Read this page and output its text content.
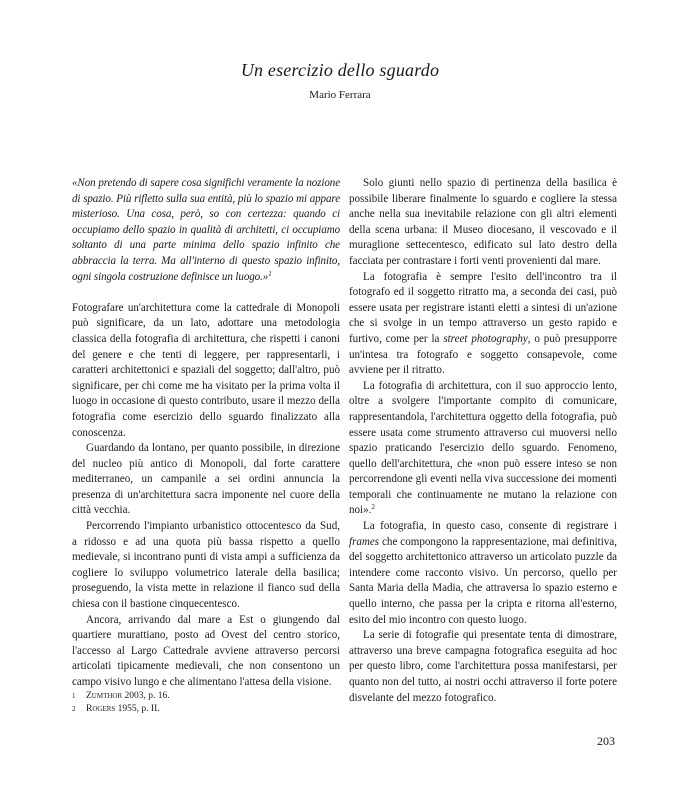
Un esercizio dello sguardo
Mario Ferrara

«Non pretendo di sapere cosa significhi veramente la nozione di spazio. Più rifletto sulla sua entità, più lo spazio mi appare misterioso. Una cosa, però, so con certezza: quando ci occupiamo dello spazio in qualità di architetti, ci occupiamo soltanto di una parte minima dello spazio infinito che abbraccia la terra. Ma all'interno di questo spazio infinito, ogni singola costruzione definisce un luogo.»$^1$

Fotografare un'architettura come la cattedrale di Monopoli può significare, da un lato, adottare una metodologia classica della fotografia di architettura, che rispetti i canoni del genere e che tenti di leggere, per rappresentarli, i caratteri architettonici e spaziali del soggetto; dall'altro, può significare, per chi come me ha visitato per la prima volta il luogo in occasione di questo contributo, usare il mezzo della fotografia come esercizio dello sguardo finalizzato alla conoscenza.

Guardando da lontano, per quanto possibile, in direzione del nucleo più antico di Monopoli, dal forte carattere mediterraneo, un campanile a sei ordini annuncia la presenza di un'architettura sacra imponente nel cuore della città vecchia.

Percorrendo l'impianto urbanistico ottocentesco da Sud, a ridosso e ad una quota più bassa rispetto a quello medievale, si incontrano punti di vista ampi a sufficienza da cogliere lo sviluppo volumetrico laterale della basilica; proseguendo, la vista mette in relazione il fianco sud della chiesa con il bastione cinquecentesco.

Ancora, arrivando dal mare a Est o giungendo dal quartiere murattiano, posto ad Ovest del centro storico, l'accesso al Largo Cattedrale avviene attraverso percorsi articolati tipicamente medievali, che non consentono un campo visivo lungo e che alimentano l'attesa della visione.

Solo giunti nello spazio di pertinenza della basilica è possibile liberare finalmente lo sguardo e cogliere la stessa anche nella sua inevitabile relazione con gli altri elementi della scena urbana: il Museo diocesano, il vescovado e il muraglione settecentesco, edificato sul lato destro della facciata per contrastare i forti venti provenienti dal mare.

La fotografia è sempre l'esito dell'incontro tra il fotografo ed il soggetto ritratto ma, a seconda dei casi, può essere usata per registrare istanti eletti a sintesi di un'azione che si svolge in un tempo attraverso un gesto rapido e furtivo, come per la street photography, o può presupporre un'intesa tra fotografo e soggetto consapevole, come avviene per il ritratto.

La fotografia di architettura, con il suo approccio lento, oltre a svolgere l'importante compito di comunicare, rappresentandola, l'architettura oggetto della fotografia, può essere usata come strumento attraverso cui muoversi nello spazio praticando l'esercizio dello sguardo. Fenomeno, quello dell'architettura, che «non può essere inteso se non percorrendone gli eventi nella viva successione dei momenti temporali che continuamente ne mutano la relazione con noi».$^2$

La fotografia, in questo caso, consente di registrare i frames che compongono la rappresentazione, mai definitiva, del soggetto architettonico attraverso un articolato puzzle da intendere come racconto visivo. Un percorso, quello per Santa Maria della Madia, che attraversa lo spazio esterno e quello interno, che passa per la cripta e ritorna all'esterno, esito del mio incontro con questo luogo.

La serie di fotografie qui presentate tenta di dimostrare, attraverso una breve campagna fotografica eseguita ad hoc per questo libro, come l'architettura possa manifestarsi, per quanto non del tutto, ai nostri occhi attraverso il forte potere disvelante del mezzo fotografico.

1	Zumthor 2003, p. 16.
2	Rogers 1955, p. II.
203
